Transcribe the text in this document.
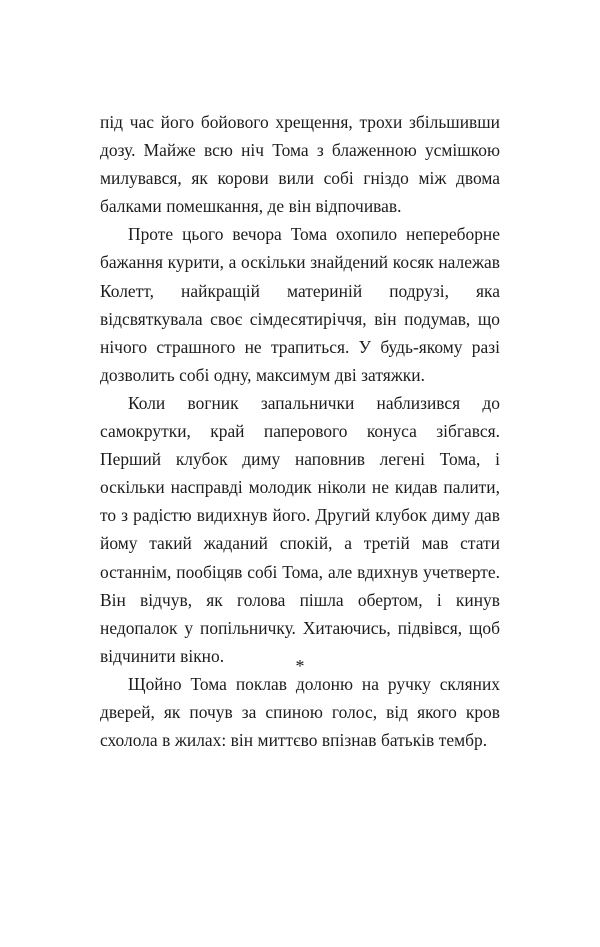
під час його бойового хрещення, трохи збільшивши дозу. Майже всю ніч Тома з блаженною усмішкою милувався, як корови вили собі гніздо між двома балками помешкання, де він відпочивав.

Проте цього вечора Тома охопило непереборне бажання курити, а оскільки знайдений косяк належав Колетт, найкращій материній подрузі, яка відсвяткувала своє сімдесятиріччя, він подумав, що нічого страшного не трапиться. У будь-якому разі дозволить собі одну, максимум дві затяжки.

Коли вогник запальнички наблизився до самокрутки, край паперового конуса зібгався. Перший клубок диму наповнив легені Тома, і оскільки насправді молодик ніколи не кидав палити, то з радістю видихнув його. Другий клубок диму дав йому такий жаданий спокій, а третій мав стати останнім, пообіцяв собі Тома, але вдихнув учетверте. Він відчув, як голова пішла обертом, і кинув недопалок у попільничку. Хитаючись, підвівся, щоб відчинити вікно.

Щойно Тома поклав долоню на ручку скляних дверей, як почув за спиною голос, від якого кров схолола в жилах: він миттєво впізнав батьків тембр.

*
